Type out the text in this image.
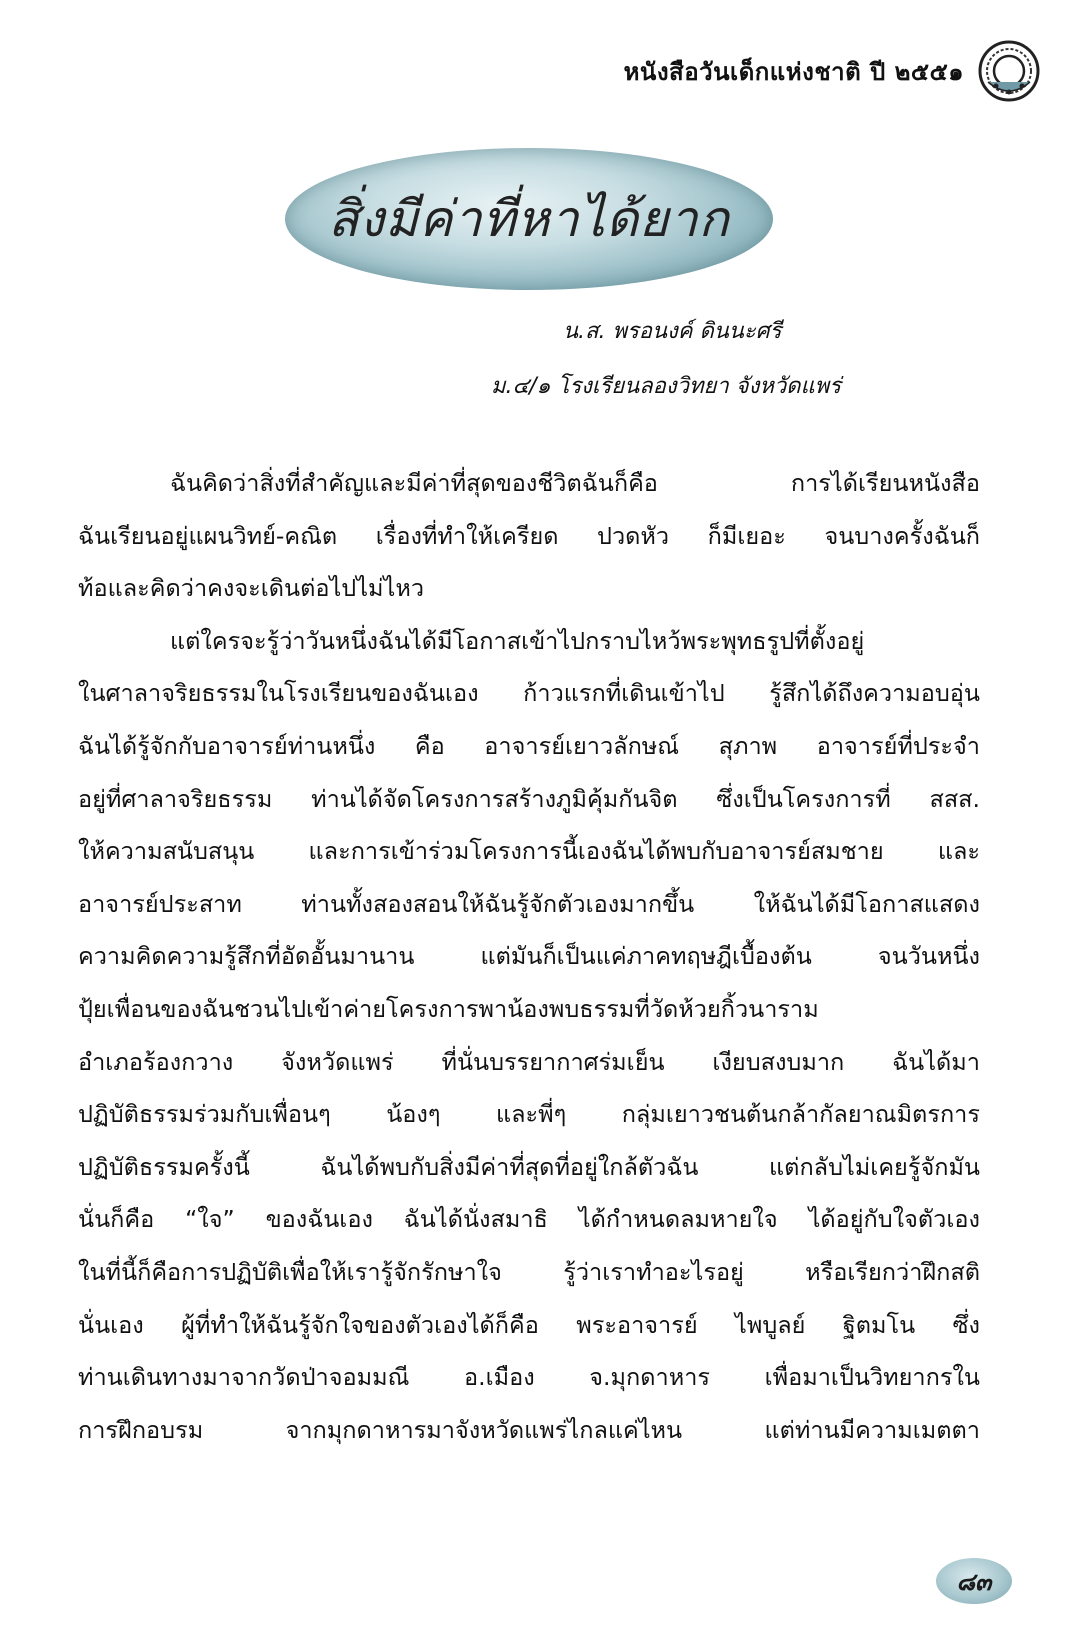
หนังสือวันเด็กแห่งชาติ ปี ๒๕๕๑
สิ่งมีค่าที่หาได้ยาก
น.ส. พรอนงค์ ดินนะศรี
ม.๔/๑ โรงเรียนลองวิทยา จังหวัดแพร่
ฉันคิดว่าสิ่งที่สำคัญและมีค่าที่สุดของชีวิตฉันก็คือ การได้เรียนหนังสือ
ฉันเรียนอยู่แผนวิทย์-คณิต เรื่องที่ทำให้เครียด ปวดหัว ก็มีเยอะ จนบางครั้งฉันก็
ท้อและคิดว่าคงจะเดินต่อไปไม่ไหว
แต่ใครจะรู้ว่าวันหนึ่งฉันได้มีโอกาสเข้าไปกราบไหว้พระพุทธรูปที่ตั้งอยู่
ในศาลาจริยธรรมในโรงเรียนของฉันเอง ก้าวแรกที่เดินเข้าไป รู้สึกได้ถึงความอบอุ่น
ฉันได้รู้จักกับอาจารย์ท่านหนึ่ง คือ อาจารย์เยาวลักษณ์ สุภาพ อาจารย์ที่ประจำ
อยู่ที่ศาลาจริยธรรม ท่านได้จัดโครงการสร้างภูมิคุ้มกันจิต ซึ่งเป็นโครงการที่ สสส.
ให้ความสนับสนุน และการเข้าร่วมโครงการนี้เองฉันได้พบกับอาจารย์สมชาย และ
อาจารย์ประสาท ท่านทั้งสองสอนให้ฉันรู้จักตัวเองมากขึ้น ให้ฉันได้มีโอกาสแสดง
ความคิดความรู้สึกที่อัดอั้นมานาน แต่มันก็เป็นแค่ภาคทฤษฎีเบื้องต้น จนวันหนึ่ง
ปุ้ยเพื่อนของฉันชวนไปเข้าค่ายโครงการพาน้องพบธรรมที่วัดห้วยกิ้วนาราม
อำเภอร้องกวาง จังหวัดแพร่ ที่นั่นบรรยากาศร่มเย็น เงียบสงบมาก ฉันได้มา
ปฏิบัติธรรมร่วมกับเพื่อนๆ น้องๆ และพี่ๆ กลุ่มเยาวชนต้นกล้ากัลยาณมิตรการ
ปฏิบัติธรรมครั้งนี้ ฉันได้พบกับสิ่งมีค่าที่สุดที่อยู่ใกล้ตัวฉัน แต่กลับไม่เคยรู้จักมัน
นั่นก็คือ “ใจ” ของฉันเอง ฉันได้นั่งสมาธิ ได้กำหนดลมหายใจ ได้อยู่กับใจตัวเอง
ในที่นี้ก็คือการปฏิบัติเพื่อให้เรารู้จักรักษาใจ รู้ว่าเราทำอะไรอยู่ หรือเรียกว่าฝึกสติ
นั่นเอง ผู้ที่ทำให้ฉันรู้จักใจของตัวเองได้ก็คือ พระอาจารย์ ไพบูลย์ ฐิตมโน ซึ่ง
ท่านเดินทางมาจากวัดป่าจอมมณี อ.เมือง จ.มุกดาหาร เพื่อมาเป็นวิทยากรใน
การฝึกอบรม จากมุกดาหารมาจังหวัดแพร่ไกลแค่ไหน แต่ท่านมีความเมตตา
๘๓
